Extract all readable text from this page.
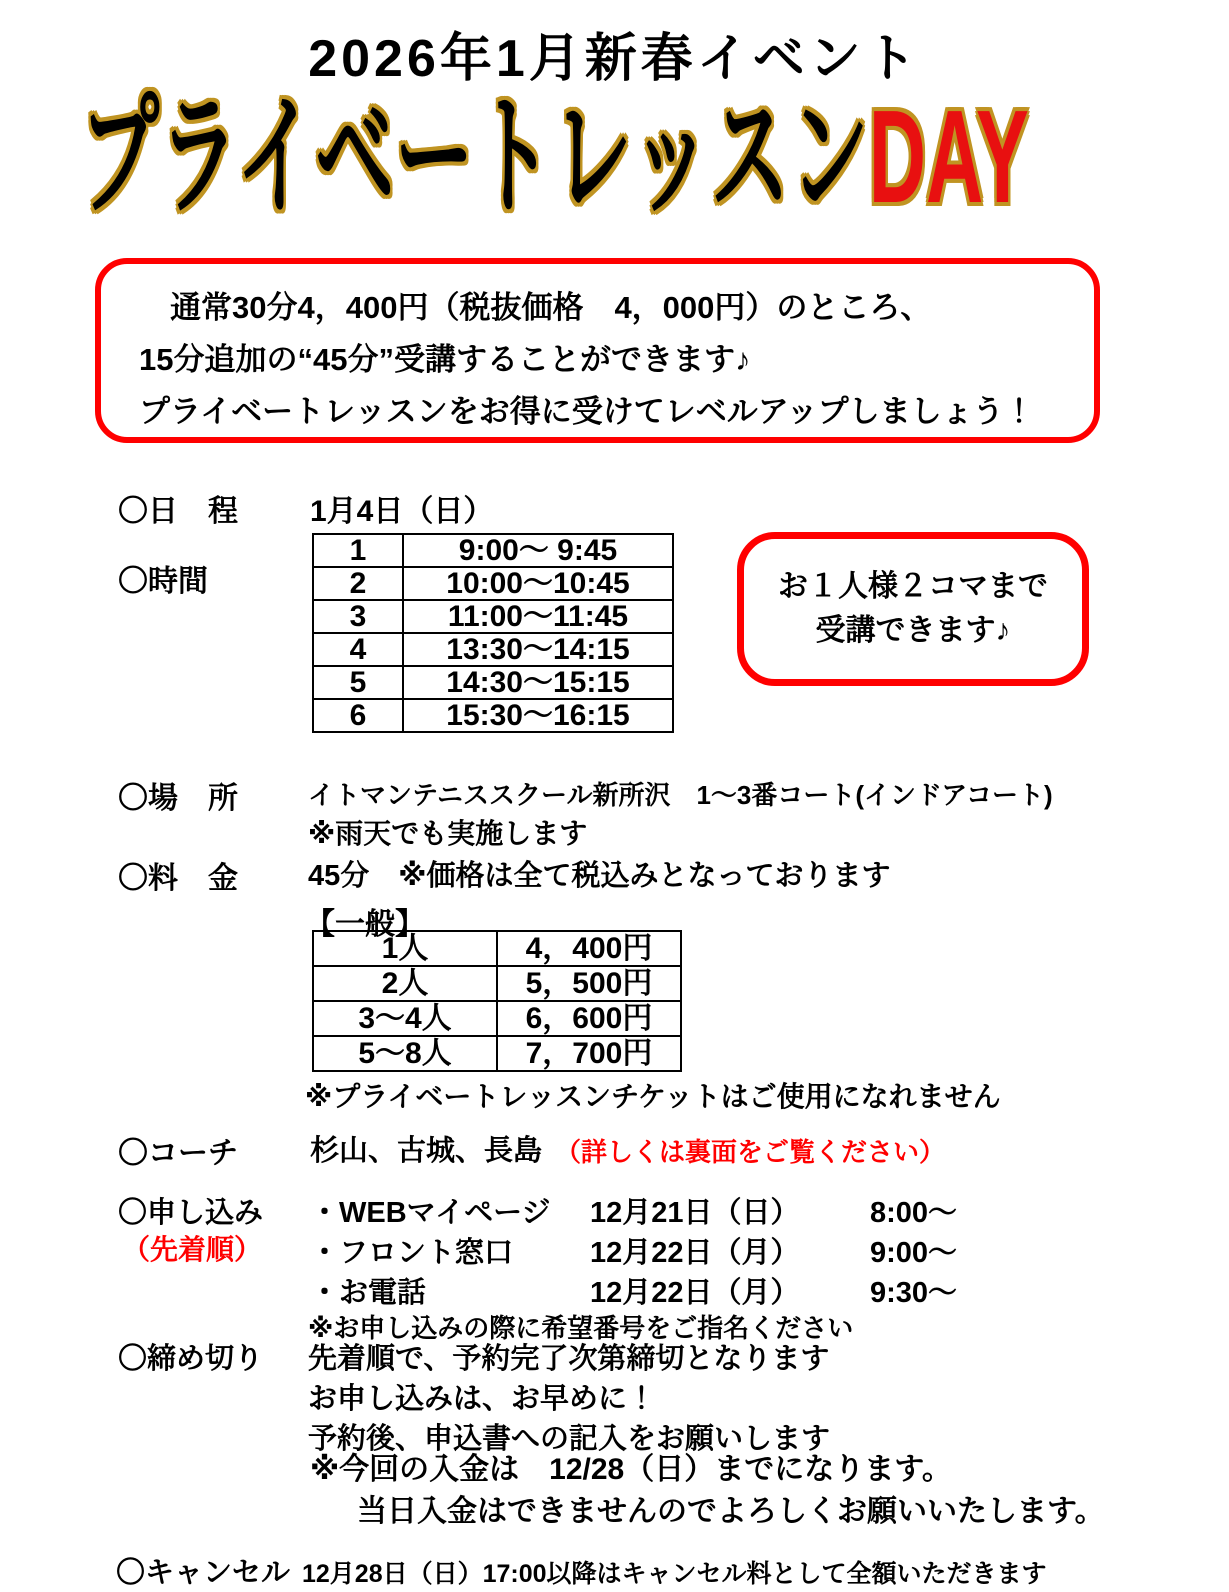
2026年1月新春イベント
プライベートレッスンDAY
　通常30分4，400円（税抜価格　4，000円）のところ、
15分追加の“45分”受講することができます♪
プライベートレッスンをお得に受けてレベルアップしましょう！
〇日　程 1月4日（日）
〇時間
1	9:00～ 9:45
2	10:00～10:45
3	11:00～11:45
4	13:30～14:15
5	14:30～15:15
6	15:30～16:15
お１人様２コマまで
受講できます♪
〇場　所	イトマンテニススクール新所沢　1～3番コート(インドアコート)
※雨天でも実施します
〇料　金 45分　※価格は全て税込みとなっております
【一般】
1人	4，400円
2人	5，500円
3～4人	6，600円
5～8人	7，700円
※プライベートレッスンチケットはご使用になれません
〇コーチ 杉山、古城、長島 （詳しくは裏面をご覧ください）
〇申し込み
（先着順）
・WEBマイページ 12月21日（日） 8:00～
・フロント窓口	12月22日（月） 9:00～
・お電話	12月22日（月） 9:30～
※お申し込みの際に希望番号をご指名ください
〇締め切り 先着順で、予約完了次第締切となります
お申し込みは、お早めに！
予約後、申込書への記入をお願いします
※今回の入金は　12/28（日）までになります。
当日入金はできませんのでよろしくお願いいたします。
〇キャンセル 12月28日（日）17:00以降はキャンセル料として全額いただきます
